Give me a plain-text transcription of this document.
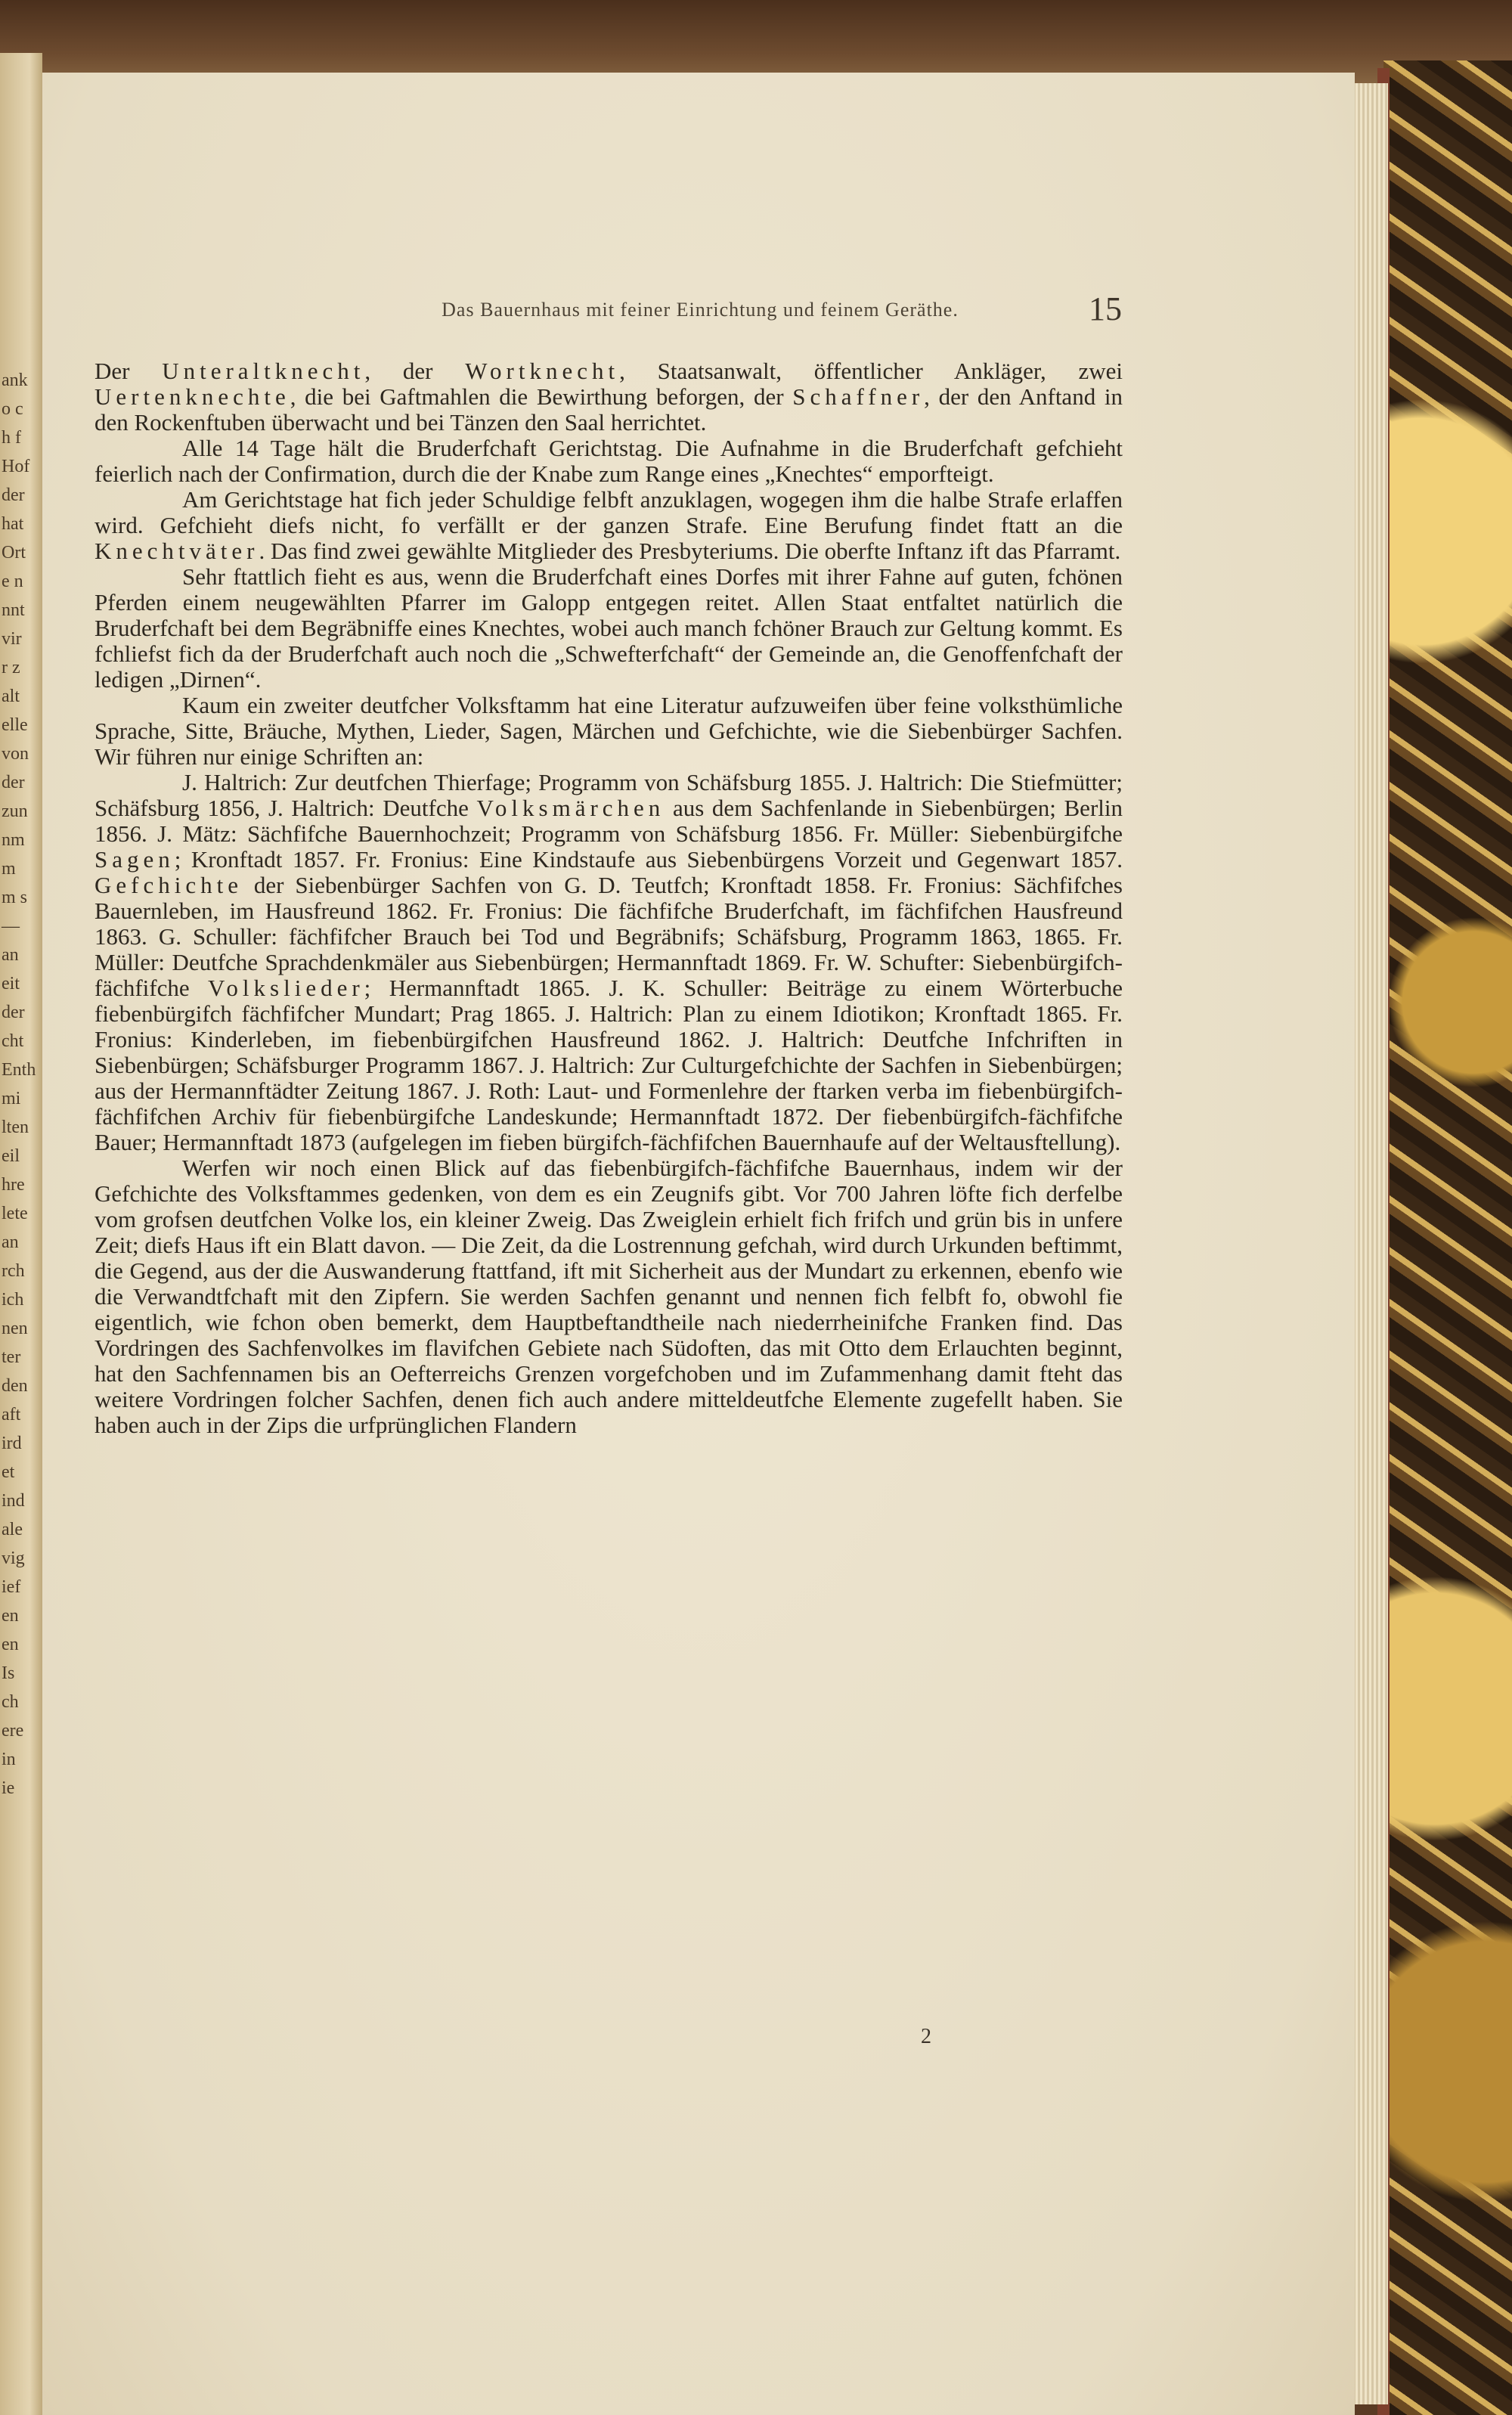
ank
o c
h f
Hof
der
hat
Ort
e n
nnt
vir
r z
alt
elle
von
der
zun
nm
m
m s
—
an
eit
der
cht
Enth
mi
lten
eil
hre
lete
an
rch
ich
nen
ter
den
aft
ird
et
ind
ale
vig
ief
en
en
Is
ch
ere
in
ie
Das Bauernhaus mit feiner Einrichtung und feinem Geräthe.	15

Der Unteraltknecht, der Wortknecht, Staatsanwalt, öffentlicher Ankläger, zwei Uertenknechte, die bei Gaftmahlen die Bewirthung beforgen, der Schaffner, der den Anftand in den Rockenftuben überwacht und bei Tänzen den Saal herrichtet.

Alle 14 Tage hält die Bruderfchaft Gerichtstag. Die Aufnahme in die Bruderfchaft gefchieht feierlich nach der Confirmation, durch die der Knabe zum Range eines „Knechtes“ emporfteigt.

Am Gerichtstage hat fich jeder Schuldige felbft anzuklagen, wogegen ihm die halbe Strafe erlaffen wird. Gefchieht diefs nicht, fo verfällt er der ganzen Strafe. Eine Berufung findet ftatt an die Knechtväter. Das find zwei gewählte Mitglieder des Presbyteriums. Die oberfte Inftanz ift das Pfarramt.

Sehr ftattlich fieht es aus, wenn die Bruderfchaft eines Dorfes mit ihrer Fahne auf guten, fchönen Pferden einem neugewählten Pfarrer im Galopp entgegen reitet. Allen Staat entfaltet natürlich die Bruderfchaft bei dem Begräbniffe eines Knechtes, wobei auch manch fchöner Brauch zur Geltung kommt. Es fchliefst fich da der Bruderfchaft auch noch die „Schwefterfchaft“ der Gemeinde an, die Genoffenfchaft der ledigen „Dirnen“.

Kaum ein zweiter deutfcher Volksftamm hat eine Literatur aufzuweifen über feine volksthümliche Sprache, Sitte, Bräuche, Mythen, Lieder, Sagen, Märchen und Gefchichte, wie die Siebenbürger Sachfen. Wir führen nur einige Schriften an:

J. Haltrich: Zur deutfchen Thierfage; Programm von Schäfsburg 1855. J. Haltrich: Die Stiefmütter; Schäfsburg 1856, J. Haltrich: Deutfche Volksmärchen aus dem Sachfenlande in Siebenbürgen; Berlin 1856. J. Mätz: Sächfifche Bauernhochzeit; Programm von Schäfsburg 1856. Fr. Müller: Siebenbürgifche Sagen; Kronftadt 1857. Fr. Fronius: Eine Kindstaufe aus Siebenbürgens Vorzeit und Gegenwart 1857. Gefchichte der Siebenbürger Sachfen von G. D. Teutfch; Kronftadt 1858. Fr. Fronius: Sächfifches Bauernleben, im Hausfreund 1862. Fr. Fronius: Die fächfifche Bruderfchaft, im fächfifchen Hausfreund 1863. G. Schuller: fächfifcher Brauch bei Tod und Begräbnifs; Schäfsburg, Programm 1863, 1865. Fr. Müller: Deutfche Sprachdenkmäler aus Siebenbürgen; Hermannftadt 1869. Fr. W. Schufter: Siebenbürgifch-fächfifche Volkslieder; Hermannftadt 1865. J. K. Schuller: Beiträge zu einem Wörterbuche fiebenbürgifch fächfifcher Mundart; Prag 1865. J. Haltrich: Plan zu einem Idiotikon; Kronftadt 1865. Fr. Fronius: Kinderleben, im fiebenbürgifchen Hausfreund 1862. J. Haltrich: Deutfche Infchriften in Siebenbürgen; Schäfsburger Programm 1867. J. Haltrich: Zur Culturgefchichte der Sachfen in Siebenbürgen; aus der Hermannftädter Zeitung 1867. J. Roth: Laut- und Formenlehre der ftarken verba im fiebenbürgifch-fächfifchen Archiv für fiebenbürgifche Landeskunde; Hermannftadt 1872. Der fiebenbürgifch-fächfifche Bauer; Hermannftadt 1873 (aufgelegen im fieben bürgifch-fächfifchen Bauernhaufe auf der Weltausftellung).

Werfen wir noch einen Blick auf das fiebenbürgifch-fächfifche Bauernhaus, indem wir der Gefchichte des Volksftammes gedenken, von dem es ein Zeugnifs gibt. Vor 700 Jahren löfte fich derfelbe vom grofsen deutfchen Volke los, ein kleiner Zweig. Das Zweiglein erhielt fich frifch und grün bis in unfere Zeit; diefs Haus ift ein Blatt davon. — Die Zeit, da die Lostrennung gefchah, wird durch Urkunden beftimmt, die Gegend, aus der die Auswanderung ftattfand, ift mit Sicherheit aus der Mundart zu erkennen, ebenfo wie die Verwandtfchaft mit den Zipfern. Sie werden Sachfen genannt und nennen fich felbft fo, obwohl fie eigentlich, wie fchon oben bemerkt, dem Hauptbeftandtheile nach niederrheinifche Franken find. Das Vordringen des Sachfenvolkes im flavifchen Gebiete nach Südoften, das mit Otto dem Erlauchten beginnt, hat den Sachfennamen bis an Oefterreichs Grenzen vorgefchoben und im Zufammenhang damit fteht das weitere Vordringen folcher Sachfen, denen fich auch andere mitteldeutfche Elemente zugefellt haben. Sie haben auch in der Zips die urfprünglichen Flandern

2
